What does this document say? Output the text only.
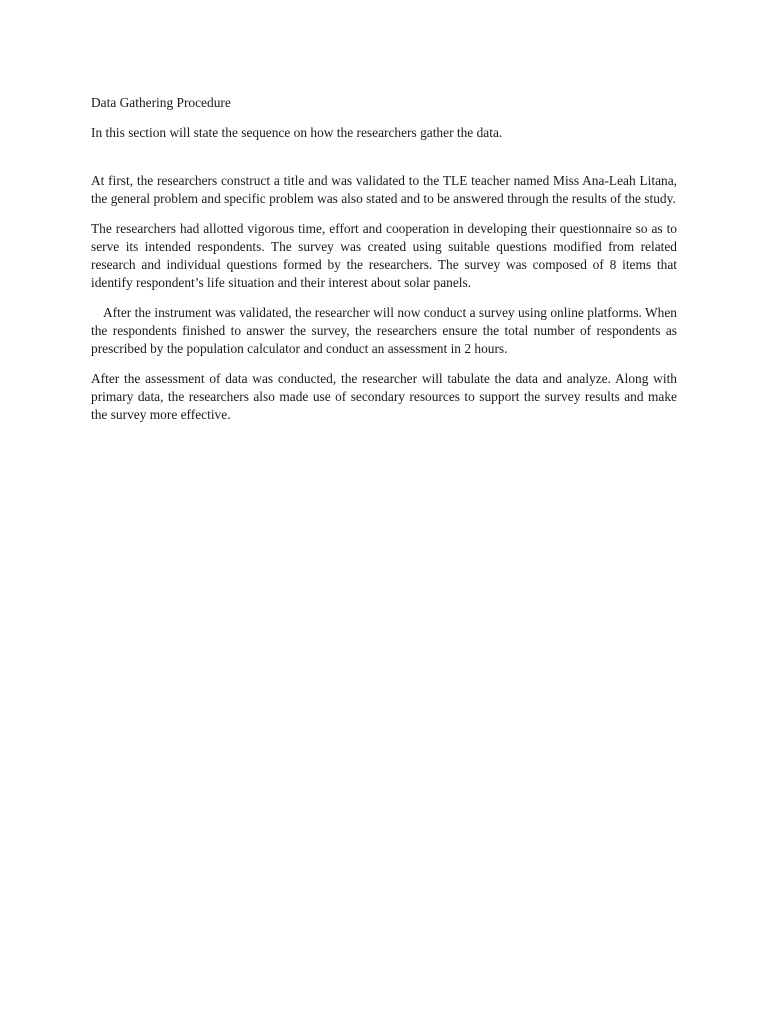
Data Gathering Procedure

In this section will state the sequence on how the researchers gather the data.

At first, the researchers construct a title and was validated to the TLE teacher named Miss Ana-Leah Litana, the general problem and specific problem was also stated and to be answered through the results of the study.

The researchers had allotted vigorous time, effort and cooperation in developing their questionnaire so as to serve its intended respondents. The survey was created using suitable questions modified from related research and individual questions formed by the researchers. The survey was composed of 8 items that identify respondent’s life situation and their interest about solar panels.

After the instrument was validated, the researcher will now conduct a survey using online platforms. When the respondents finished to answer the survey, the researchers ensure the total number of respondents as prescribed by the population calculator and conduct an assessment in 2 hours.

After the assessment of data was conducted, the researcher will tabulate the data and analyze. Along with primary data, the researchers also made use of secondary resources to support the survey results and make the survey more effective.
